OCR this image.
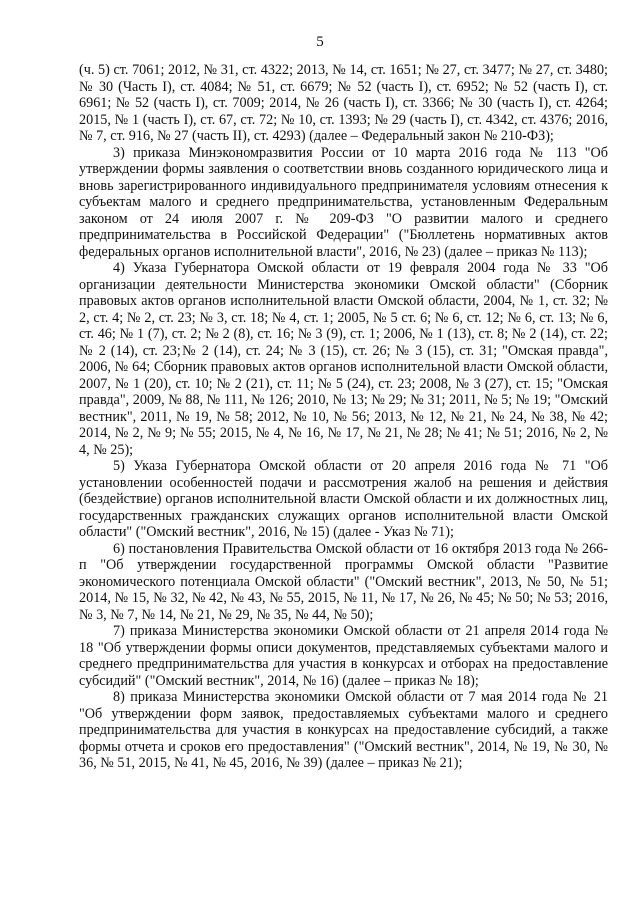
5

(ч. 5) ст. 7061; 2012, № 31, ст. 4322; 2013, № 14, ст. 1651; № 27, ст. 3477; № 27, ст. 3480; № 30 (Часть I), ст. 4084; № 51, ст. 6679; № 52 (часть I), ст. 6952; № 52 (часть I), ст. 6961; № 52 (часть I), ст. 7009; 2014, № 26 (часть I), ст. 3366; № 30 (часть I), ст. 4264; 2015, № 1 (часть I), ст. 67, ст. 72; № 10, ст. 1393; № 29 (часть I), ст. 4342, ст. 4376; 2016, № 7, ст. 916, № 27 (часть II), ст. 4293) (далее – Федеральный закон № 210-ФЗ);

3) приказа Минэкономразвития России от 10 марта 2016 года № 113 "Об утверждении формы заявления о соответствии вновь созданного юридического лица и вновь зарегистрированного индивидуального предпринимателя условиям отнесения к субъектам малого и среднего предпринимательства, установленным Федеральным законом от 24 июля 2007 г. № 209-ФЗ "О развитии малого и среднего предпринимательства в Российской Федерации" ("Бюллетень нормативных актов федеральных органов исполнительной власти", 2016, № 23) (далее – приказ № 113);

4) Указа Губернатора Омской области от 19 февраля 2004 года № 33 "Об организации деятельности Министерства экономики Омской области" (Сборник правовых актов органов исполнительной власти Омской области, 2004, № 1, ст. 32; № 2, ст. 4; № 2, ст. 23; № 3, ст. 18; № 4, ст. 1; 2005, № 5 ст. 6; № 6, ст. 12; № 6, ст. 13; № 6, ст. 46; № 1 (7), ст. 2; № 2 (8), ст. 16; № 3 (9), ст. 1; 2006, № 1 (13), ст. 8; № 2 (14), ст. 22; № 2 (14), ст. 23;№ 2 (14), ст. 24; № 3 (15), ст. 26; № 3 (15), ст. 31; "Омская правда", 2006, № 64; Сборник правовых актов органов исполнительной власти Омской области, 2007, № 1 (20), ст. 10; № 2 (21), ст. 11; № 5 (24), ст. 23; 2008, № 3 (27), ст. 15; "Омская правда", 2009, № 88, № 111, № 126; 2010, № 13; № 29; № 31; 2011, № 5; № 19; "Омский вестник", 2011, № 19, № 58; 2012, № 10, № 56; 2013, № 12, № 21, № 24, № 38, № 42; 2014, № 2, № 9; № 55; 2015, № 4, № 16, № 17, № 21, № 28; № 41; № 51; 2016, № 2, № 4, № 25);

5) Указа Губернатора Омской области от 20 апреля 2016 года № 71 "Об установлении особенностей подачи и рассмотрения жалоб на решения и действия (бездействие) органов исполнительной власти Омской области и их должностных лиц, государственных гражданских служащих органов исполнительной власти Омской области" ("Омский вестник", 2016, № 15) (далее - Указ № 71);

6) постановления Правительства Омской области от 16 октября 2013 года № 266-п "Об утверждении государственной программы Омской области "Развитие экономического потенциала Омской области" ("Омский вестник", 2013, № 50, № 51; 2014, № 15, № 32, № 42, № 43, № 55, 2015, № 11, № 17, № 26, № 45; № 50; № 53; 2016, № 3, № 7, № 14, № 21, № 29, № 35, № 44, № 50);

7) приказа Министерства экономики Омской области от 21 апреля 2014 года № 18 "Об утверждении формы описи документов, представляемых субъектами малого и среднего предпринимательства для участия в конкурсах и отборах на предоставление субсидий" ("Омский вестник", 2014, № 16) (далее – приказ № 18);

8) приказа Министерства экономики Омской области от 7 мая 2014 года № 21 "Об утверждении форм заявок, предоставляемых субъектами малого и среднего предпринимательства для участия в конкурсах на предоставление субсидий, а также формы отчета и сроков его предоставления" ("Омский вестник", 2014, № 19, № 30, № 36, № 51, 2015, № 41, № 45, 2016, № 39) (далее – приказ № 21);
